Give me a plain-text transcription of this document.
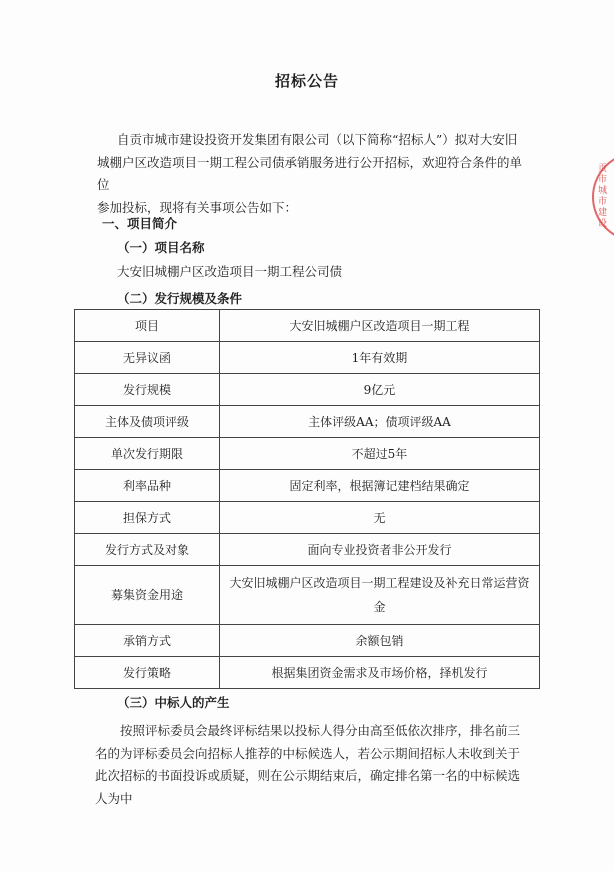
招标公告
自贡市城市建设投资开发集团有限公司（以下简称“招标人”）拟对大安旧
城棚户区改造项目一期工程公司债承销服务进行公开招标，欢迎符合条件的单位
参加投标，现将有关事项公告如下：
一、项目简介
（一）项目名称
大安旧城棚户区改造项目一期工程公司债
（二）发行规模及条件
项目	大安旧城棚户区改造项目一期工程
无异议函	1年有效期
发行规模	9亿元
主体及债项评级	主体评级AA；债项评级AA
单次发行期限	不超过5年
利率品种	固定利率，根据簿记建档结果确定
担保方式	无
发行方式及对象	面向专业投资者非公开发行
募集资金用途	大安旧城棚户区改造项目一期工程建设及补充日常运营资金
承销方式	余额包销
发行策略	根据集团资金需求及市场价格，择机发行
（三）中标人的产生
按照评标委员会最终评标结果以投标人得分由高至低依次排序，排名前三名的为评标委员会向招标人推荐的中标候选人，若公示期间招标人未收到关于此次招标的书面投诉或质疑，则在公示期结束后，确定排名第一名的中标候选人为中
贡市城市建设
